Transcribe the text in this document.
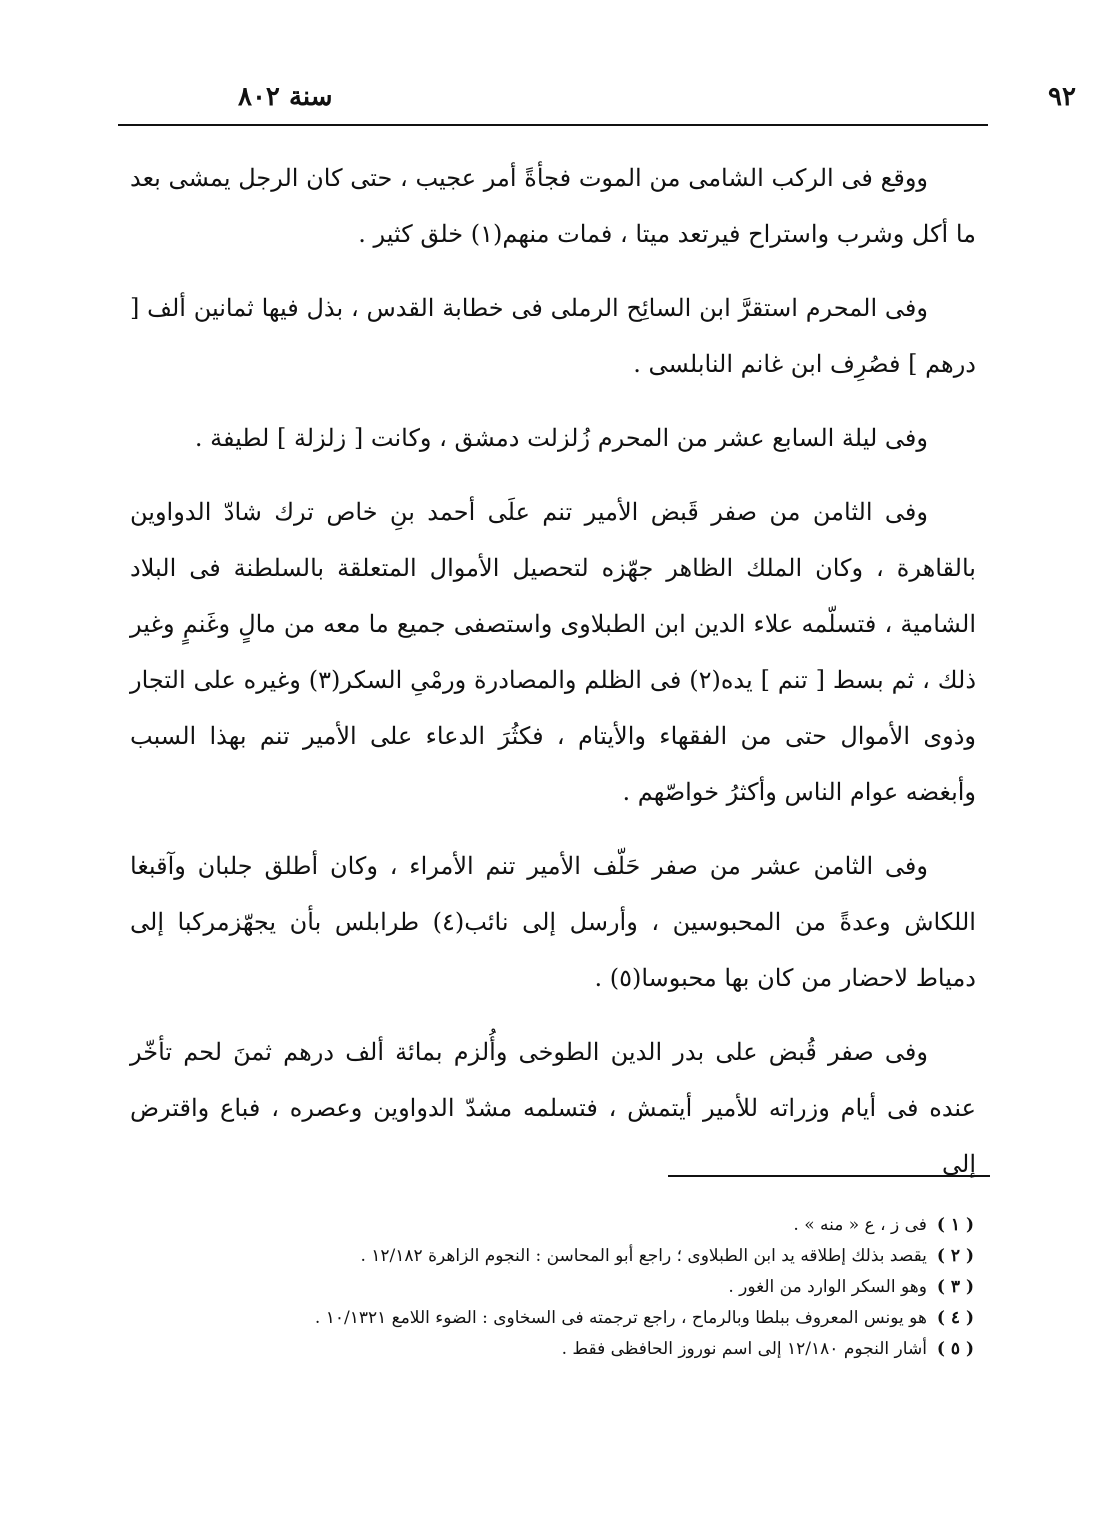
٩٢
سنة ٨٠٢

ووقع فى الركب الشامى من الموت فجأةً أمر عجيب ، حتى كان الرجل يمشى بعد ما أكل وشرب واستراح فيرتعد ميتا ، فمات منهم(١) خلق كثير .

وفى المحرم استقرَّ ابن السائِح الرملى فى خطابة القدس ، بذل فيها ثمانين ألف [ درهم ] فصُرِف ابن غانم النابلسى .

وفى ليلة السابع عشر من المحرم زُلزلت دمشق ، وكانت [ زلزلة ] لطيفة .

وفى الثامن من صفر قَبض الأمير تنم علَى أحمد بنِ خاص ترك شادّ الدواوين بالقاهرة ، وكان الملك الظاهر جهّزه لتحصيل الأموال المتعلقة بالسلطنة فى البلاد الشامية ، فتسلّمه علاء الدين ابن الطبلاوى واستصفى جميع ما معه من مالٍ وغَنمٍ وغير ذلك ، ثم بسط [ تنم ] يده(٢) فى الظلم والمصادرة ورمْىِ السكر(٣) وغيره على التجار وذوى الأموال حتى من الفقهاء والأيتام ، فكثُرَ الدعاء على الأمير تنم بهذا السبب وأبغضه عوام الناس وأكثرُ خواصّهم .

وفى الثامن عشر من صفر حَلّف الأمير تنم الأمراء ، وكان أطلق جلبان وآقبغا اللكاش وعدةً من المحبوسين ، وأرسل إلى نائب(٤) طرابلس بأن يجهّزمركبا إلى دمياط لاحضار من كان بها محبوسا(٥) .

وفى صفر قُبض على بدر الدين الطوخى وأُلزم بمائة ألف درهم ثمنَ لحم تأخّر عنده فى أيام وزراته للأمير أيتمش ، فتسلمه مشدّ الدواوين وعصره ، فباع واقترض إلى

( ١ )فى ز ، ع « منه » .

( ٢ )يقصد بذلك إطلاقه يد ابن الطبلاوى ؛ راجع أبو المحاسن : النجوم الزاهرة ١٢/١٨٢ .

( ٣ )وهو السكر الوارد من الغور .

( ٤ )هو يونس المعروف ببلطا وبالرماح ، راجع ترجمته فى السخاوى : الضوء اللامع ١٠/١٣٢١ .

( ٥ )أشار النجوم ١٢/١٨٠ إلى اسم نوروز الحافظى فقط .
